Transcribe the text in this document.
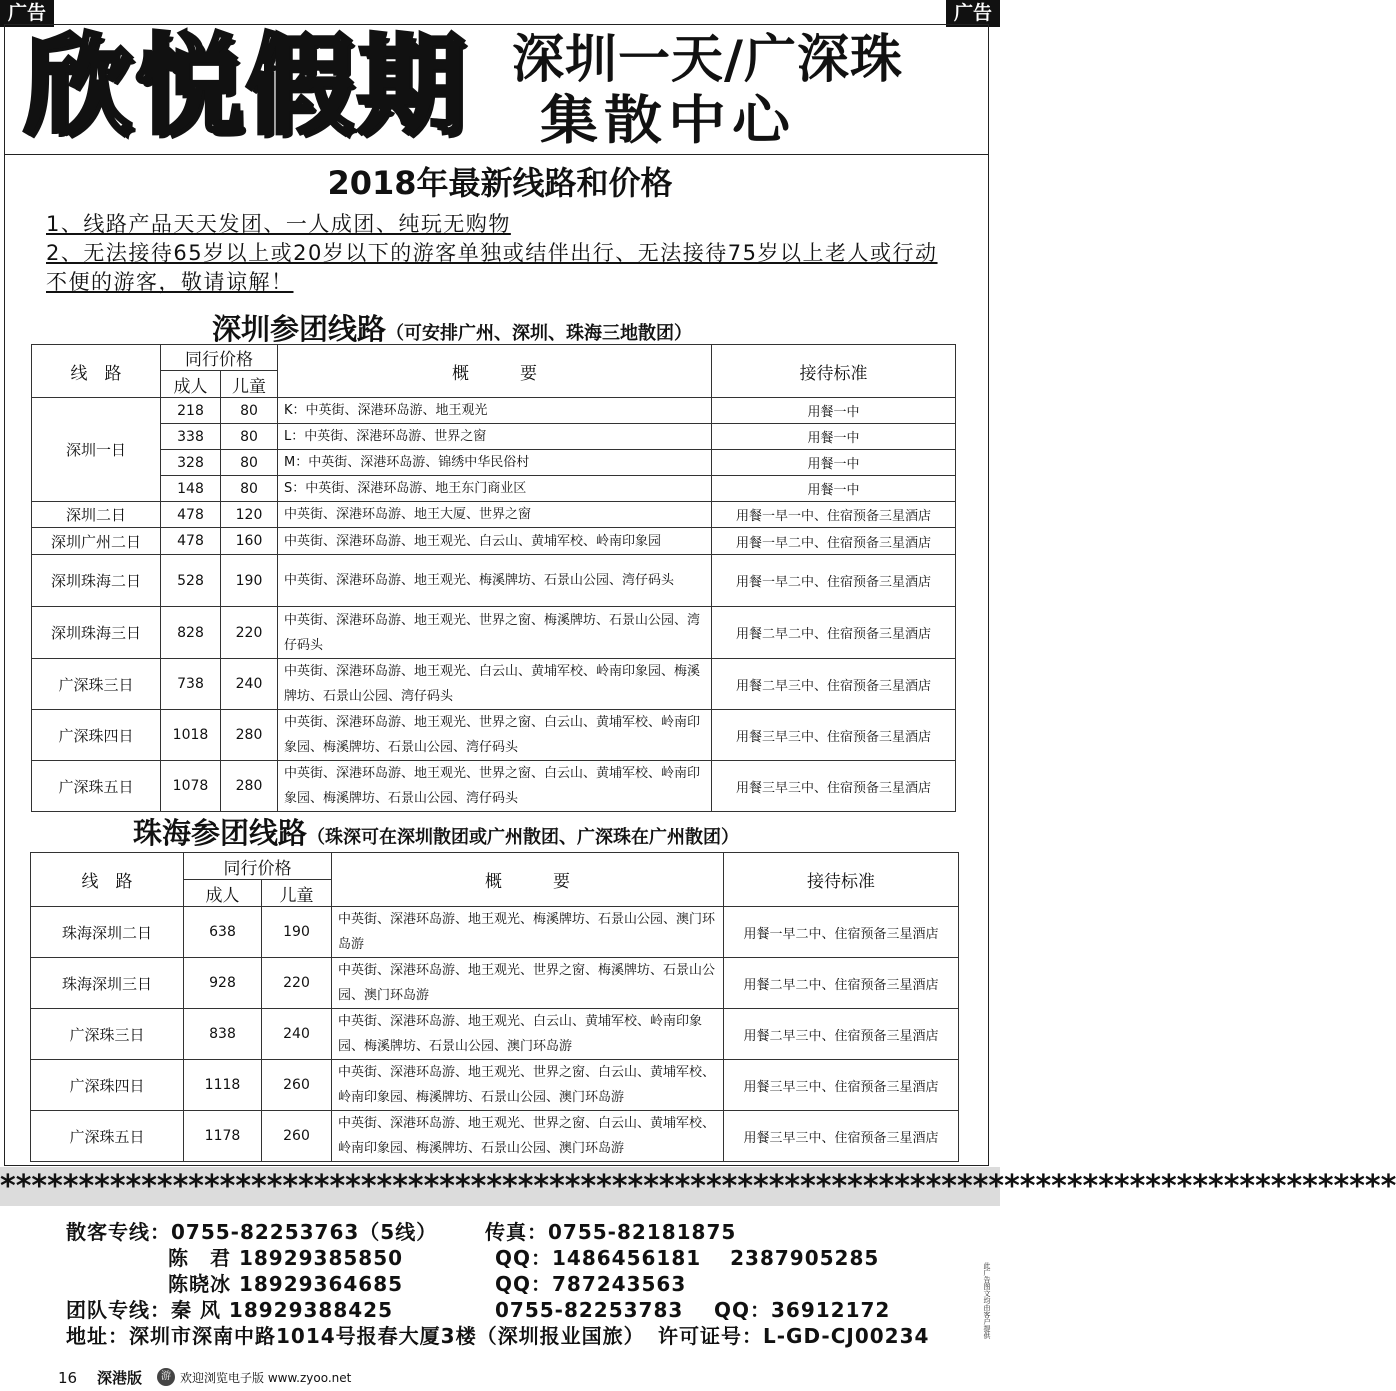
广告	广告
欣悦假期 深圳一天/广深珠
集散中心
2018年最新线路和价格
1、线路产品天天发团、一人成团、纯玩无购物
2、无法接待65岁以上或20岁以下的游客单独或结伴出行、无法接待75岁以上老人或行动不便的游客，敬请谅解！
深圳参团线路（可安排广州、深圳、珠海三地散团）
线　路	同行价格		概　　　要	接待标准
	成人	儿童		
深圳一日	218	80	K：中英街、深港环岛游、地王观光	用餐一中
	338	80	L：中英街、深港环岛游、世界之窗	用餐一中
	328	80	M：中英街、深港环岛游、锦绣中华民俗村	用餐一中
	148	80	S：中英街、深港环岛游、地王东门商业区	用餐一中
深圳二日	478	120	中英街、深港环岛游、地王大厦、世界之窗	用餐一早一中、住宿预备三星酒店
深圳广州二日	478	160	中英街、深港环岛游、地王观光、白云山、黄埔军校、岭南印象园	用餐一早二中、住宿预备三星酒店
深圳珠海二日	528	190	中英街、深港环岛游、地王观光、梅溪牌坊、石景山公园、湾仔码头	用餐一早二中、住宿预备三星酒店
深圳珠海三日	828	220	中英街、深港环岛游、地王观光、世界之窗、梅溪牌坊、石景山公园、湾仔码头	用餐二早二中、住宿预备三星酒店
广深珠三日	738	240	中英街、深港环岛游、地王观光、白云山、黄埔军校、岭南印象园、梅溪牌坊、石景山公园、湾仔码头	用餐二早三中、住宿预备三星酒店
广深珠四日	1018	280	中英街、深港环岛游、地王观光、世界之窗、白云山、黄埔军校、岭南印象园、梅溪牌坊、石景山公园、湾仔码头	用餐三早三中、住宿预备三星酒店
广深珠五日	1078	280	中英街、深港环岛游、地王观光、世界之窗、白云山、黄埔军校、岭南印象园、梅溪牌坊、石景山公园、湾仔码头	用餐三早三中、住宿预备三星酒店
珠海参团线路（珠深可在深圳散团或广州散团、广深珠在广州散团）
线　路	同行价格		概　　　要	接待标准
	成人	儿童		
珠海深圳二日	638	190	中英街、深港环岛游、地王观光、梅溪牌坊、石景山公园、澳门环岛游	用餐一早二中、住宿预备三星酒店
珠海深圳三日	928	220	中英街、深港环岛游、地王观光、世界之窗、梅溪牌坊、石景山公园、澳门环岛游	用餐二早二中、住宿预备三星酒店
广深珠三日	838	240	中英街、深港环岛游、地王观光、白云山、黄埔军校、岭南印象园、梅溪牌坊、石景山公园、澳门环岛游	用餐二早三中、住宿预备三星酒店
广深珠四日	1118	260	中英街、深港环岛游、地王观光、世界之窗、白云山、黄埔军校、岭南印象园、梅溪牌坊、石景山公园、澳门环岛游	用餐三早三中、住宿预备三星酒店
广深珠五日	1178	260	中英街、深港环岛游、地王观光、世界之窗、白云山、黄埔军校、岭南印象园、梅溪牌坊、石景山公园、澳门环岛游	用餐三早三中、住宿预备三星酒店
*****************************************************************************************
散客专线：0755-82253763（5线） 传真：0755-82181875
陈　君 18929385850	QQ：1486456181　 2387905285
陈晓冰 18929364685	QQ：787243563
团队专线：秦 风 18929388425	0755-82253783 QQ：36912172
地址：深圳市深南中路1014号报春大厦3楼（深圳报业国旅） 许可证号：L-GD-CJ00234	此广告图文均由客户提供
16 深港版	游 欢迎浏览电子版 www.zyoo.net
